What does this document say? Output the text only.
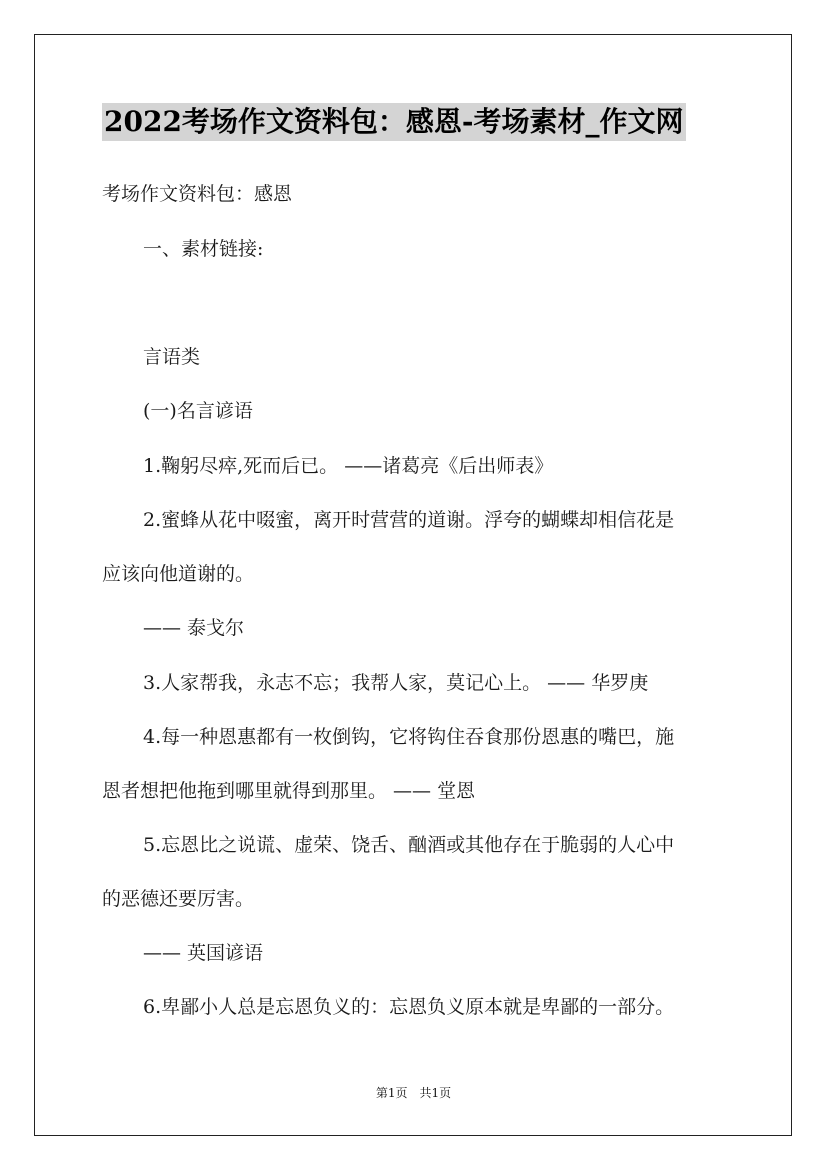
2022考场作文资料包：感恩-考场素材_作文网
考场作文资料包：感恩
一、素材链接:
言语类
(一)名言谚语
1.鞠躬尽瘁,死而后已。 ——诸葛亮《后出师表》
2.蜜蜂从花中啜蜜，离开时营营的道谢。浮夸的蝴蝶却相信花是
应该向他道谢的。
—— 泰戈尔
3.人家帮我，永志不忘；我帮人家，莫记心上。 —— 华罗庚
4.每一种恩惠都有一枚倒钩，它将钩住吞食那份恩惠的嘴巴，施
恩者想把他拖到哪里就得到那里。 —— 堂恩
5.忘恩比之说谎、虚荣、饶舌、酗酒或其他存在于脆弱的人心中
的恶德还要厉害。
—— 英国谚语
6.卑鄙小人总是忘恩负义的：忘恩负义原本就是卑鄙的一部分。
第1页 共1页
